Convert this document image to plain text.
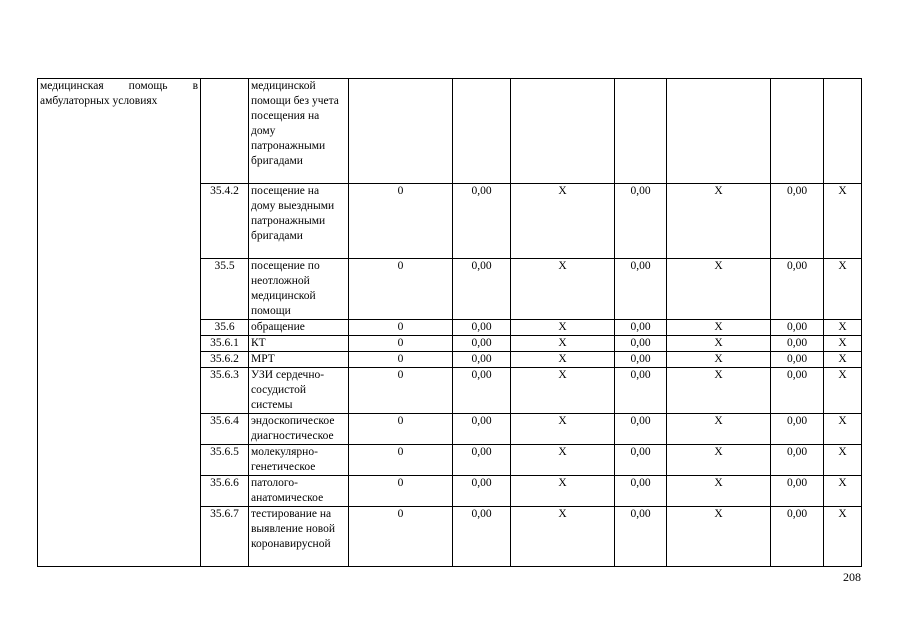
медицинская помощь в амбулаторных условиях		медицинской помощи без учета посещения на дому патронажными бригадами							
	35.4.2	посещение на дому выездными патронажными бригадами	0	0,00	X	0,00	X	0,00	X
	35.5	посещение по неотложной медицинской помощи	0	0,00	X	0,00	X	0,00	X
	35.6	обращение	0	0,00	X	0,00	X	0,00	X
	35.6.1	КТ	0	0,00	X	0,00	X	0,00	X
	35.6.2	МРТ	0	0,00	X	0,00	X	0,00	X
	35.6.3	УЗИ сердечно-сосудистой системы	0	0,00	X	0,00	X	0,00	X
	35.6.4	эндоскопическое диагностическое	0	0,00	X	0,00	X	0,00	X
	35.6.5	молекулярно-генетическое	0	0,00	X	0,00	X	0,00	X
	35.6.6	патолого-анатомическое	0	0,00	X	0,00	X	0,00	X
	35.6.7	тестирование на выявление новой коронавирусной	0	0,00	X	0,00	X	0,00	X
208
